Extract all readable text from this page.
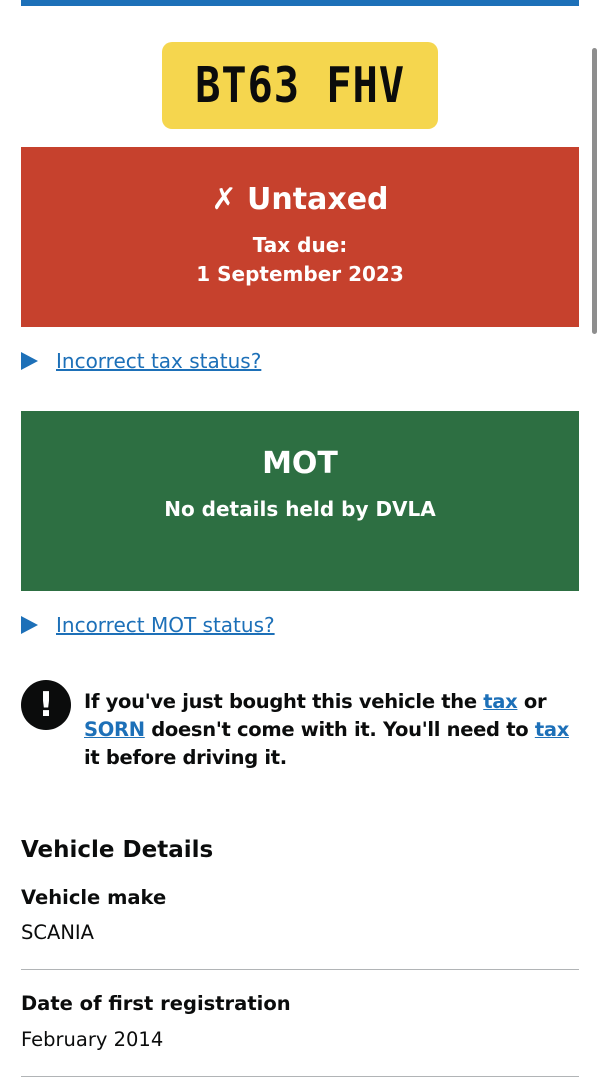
BT63 FHV
✗ Untaxed
Tax due:
1 September 2023
Incorrect tax status?
MOT
No details held by DVLA
Incorrect MOT status?
!	If you've just bought this vehicle the tax or SORN doesn't come with it. You'll need to tax it before driving it.
Vehicle Details
Vehicle make
SCANIA
Date of first registration
February 2014
